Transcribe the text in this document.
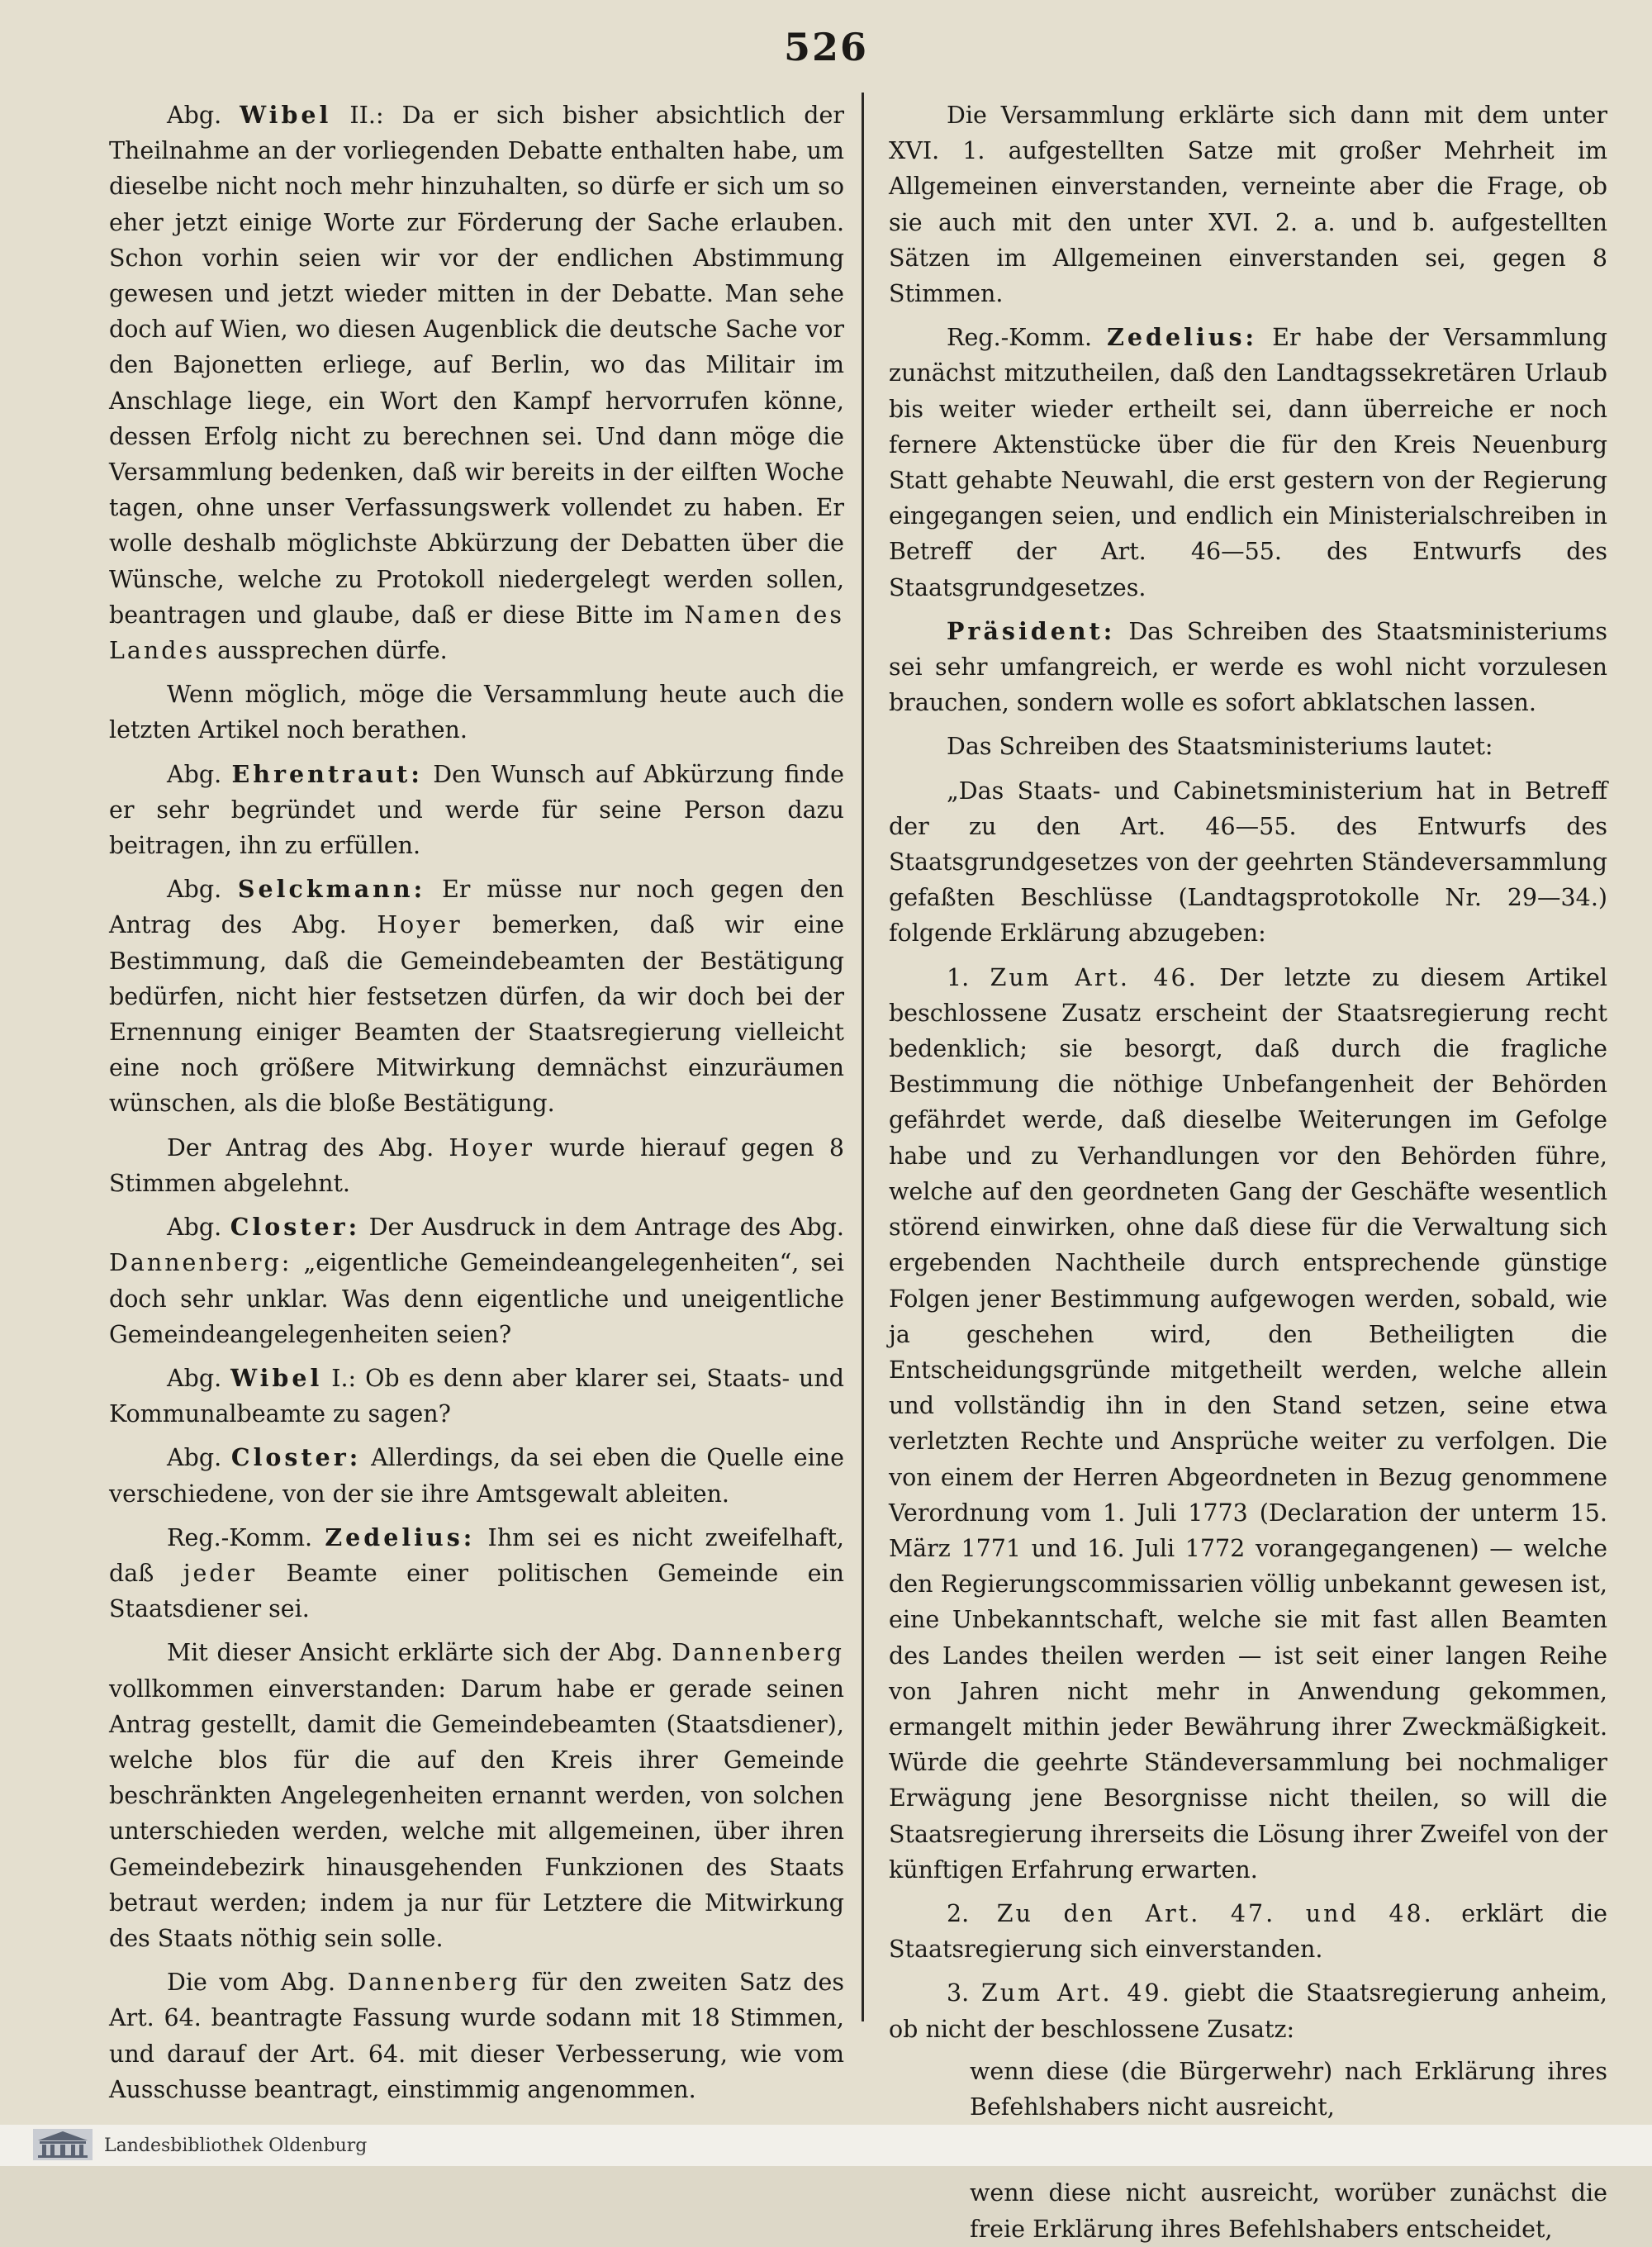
526

Abg. Wibel II.: Da er sich bisher absichtlich der Theilnahme an der vorliegenden Debatte enthalten habe, um dieselbe nicht noch mehr hinzuhalten, so dürfe er sich um so eher jetzt einige Worte zur Förderung der Sache erlauben. Schon vorhin seien wir vor der endlichen Abstimmung gewesen und jetzt wieder mitten in der Debatte. Man sehe doch auf Wien, wo diesen Augenblick die deutsche Sache vor den Bajonetten erliege, auf Berlin, wo das Militair im Anschlage liege, ein Wort den Kampf hervorrufen könne, dessen Erfolg nicht zu berechnen sei. Und dann möge die Versammlung bedenken, daß wir bereits in der eilften Woche tagen, ohne unser Verfassungswerk vollendet zu haben. Er wolle deshalb möglichste Abkürzung der Debatten über die Wünsche, welche zu Protokoll niedergelegt werden sollen, beantragen und glaube, daß er diese Bitte im Namen des Landes aussprechen dürfe.

Wenn möglich, möge die Versammlung heute auch die letzten Artikel noch berathen.

Abg. Ehrentraut: Den Wunsch auf Abkürzung finde er sehr begründet und werde für seine Person dazu beitragen, ihn zu erfüllen.

Abg. Selckmann: Er müsse nur noch gegen den Antrag des Abg. Hoyer bemerken, daß wir eine Bestimmung, daß die Gemeindebeamten der Bestätigung bedürfen, nicht hier festsetzen dürfen, da wir doch bei der Ernennung einiger Beamten der Staatsregierung vielleicht eine noch größere Mitwirkung demnächst einzuräumen wünschen, als die bloße Bestätigung.

Der Antrag des Abg. Hoyer wurde hierauf gegen 8 Stimmen abgelehnt.

Abg. Closter: Der Ausdruck in dem Antrage des Abg. Dannenberg: „eigentliche Gemeindeangelegenheiten“, sei doch sehr unklar. Was denn eigentliche und uneigentliche Gemeindeangelegenheiten seien?

Abg. Wibel I.: Ob es denn aber klarer sei, Staats- und Kommunalbeamte zu sagen?

Abg. Closter: Allerdings, da sei eben die Quelle eine verschiedene, von der sie ihre Amtsgewalt ableiten.

Reg.-Komm. Zedelius: Ihm sei es nicht zweifelhaft, daß jeder Beamte einer politischen Gemeinde ein Staatsdiener sei.

Mit dieser Ansicht erklärte sich der Abg. Dannenberg vollkommen einverstanden: Darum habe er gerade seinen Antrag gestellt, damit die Gemeindebeamten (Staatsdiener), welche blos für die auf den Kreis ihrer Gemeinde beschränkten Angelegenheiten ernannt werden, von solchen unterschieden werden, welche mit allgemeinen, über ihren Gemeindebezirk hinausgehenden Funkzionen des Staats betraut werden; indem ja nur für Letztere die Mitwirkung des Staats nöthig sein solle.

Die vom Abg. Dannenberg für den zweiten Satz des Art. 64. beantragte Fassung wurde sodann mit 18 Stimmen, und darauf der Art. 64. mit dieser Verbesserung, wie vom Ausschusse beantragt, einstimmig angenommen.

Die Versammlung erklärte sich dann mit dem unter XVI. 1. aufgestellten Satze mit großer Mehrheit im Allgemeinen einverstanden, verneinte aber die Frage, ob sie auch mit den unter XVI. 2. a. und b. aufgestellten Sätzen im Allgemeinen einverstanden sei, gegen 8 Stimmen.

Reg.-Komm. Zedelius: Er habe der Versammlung zunächst mitzutheilen, daß den Landtagssekretären Urlaub bis weiter wieder ertheilt sei, dann überreiche er noch fernere Aktenstücke über die für den Kreis Neuenburg Statt gehabte Neuwahl, die erst gestern von der Regierung eingegangen seien, und endlich ein Ministerialschreiben in Betreff der Art. 46—55. des Entwurfs des Staatsgrundgesetzes.

Präsident: Das Schreiben des Staatsministeriums sei sehr umfangreich, er werde es wohl nicht vorzulesen brauchen, sondern wolle es sofort abklatschen lassen.

Das Schreiben des Staatsministeriums lautet:

„Das Staats- und Cabinetsministerium hat in Betreff der zu den Art. 46—55. des Entwurfs des Staatsgrundgesetzes von der geehrten Ständeversammlung gefaßten Beschlüsse (Landtagsprotokolle Nr. 29—34.) folgende Erklärung abzugeben:

1. Zum Art. 46. Der letzte zu diesem Artikel beschlossene Zusatz erscheint der Staatsregierung recht bedenklich; sie besorgt, daß durch die fragliche Bestimmung die nöthige Unbefangenheit der Behörden gefährdet werde, daß dieselbe Weiterungen im Gefolge habe und zu Verhandlungen vor den Behörden führe, welche auf den geordneten Gang der Geschäfte wesentlich störend einwirken, ohne daß diese für die Verwaltung sich ergebenden Nachtheile durch entsprechende günstige Folgen jener Bestimmung aufgewogen werden, sobald, wie ja geschehen wird, den Betheiligten die Entscheidungsgründe mitgetheilt werden, welche allein und vollständig ihn in den Stand setzen, seine etwa verletzten Rechte und Ansprüche weiter zu verfolgen. Die von einem der Herren Abgeordneten in Bezug genommene Verordnung vom 1. Juli 1773 (Declaration der unterm 15. März 1771 und 16. Juli 1772 vorangegangenen) — welche den Regierungscommissarien völlig unbekannt gewesen ist, eine Unbekanntschaft, welche sie mit fast allen Beamten des Landes theilen werden — ist seit einer langen Reihe von Jahren nicht mehr in Anwendung gekommen, ermangelt mithin jeder Bewährung ihrer Zweckmäßigkeit. Würde die geehrte Ständeversammlung bei nochmaliger Erwägung jene Besorgnisse nicht theilen, so will die Staatsregierung ihrerseits die Lösung ihrer Zweifel von der künftigen Erfahrung erwarten.

2. Zu den Art. 47. und 48. erklärt die Staatsregierung sich einverstanden.

3. Zum Art. 49. giebt die Staatsregierung anheim, ob nicht der beschlossene Zusatz:

wenn diese (die Bürgerwehr) nach Erklärung ihres Befehlshabers nicht ausreicht,

wenn diese nicht ausreicht, worüber zunächst die freie Erklärung ihres Befehlshabers entscheidet,

Landesbibliothek Oldenburg
